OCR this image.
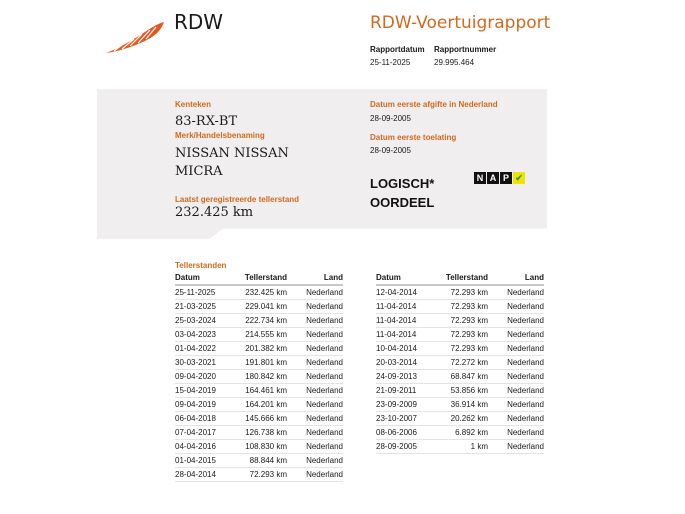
RDW	RDW-Voertuigrapport
Rapportdatum
25-11-2025
Rapportnummer
29.995.464
Kenteken
83-RX-BT
Merk/Handelsbenaming
NISSAN NISSAN
MICRA
Laatst geregistreerde tellerstand
232.425 km
Datum eerste afgifte in Nederland
28-09-2005
Datum eerste toelating
28-09-2005
LOGISCH*
OORDEEL
N A P ✔
Tellerstanden
Datum	Tellerstand	Land
25-11-2025	232.425 km	Nederland
21-03-2025	229.041 km	Nederland
25-03-2024	222.734 km	Nederland
03-04-2023	214.555 km	Nederland
01-04-2022	201.382 km	Nederland
30-03-2021	191.801 km	Nederland
09-04-2020	180.842 km	Nederland
15-04-2019	164.461 km	Nederland
09-04-2019	164.201 km	Nederland
06-04-2018	145.666 km	Nederland
07-04-2017	126.738 km	Nederland
04-04-2016	108.830 km	Nederland
01-04-2015	88.844 km	Nederland
28-04-2014	72.293 km	Nederland
Datum	Tellerstand	Land
12-04-2014	72.293 km	Nederland
11-04-2014	72.293 km	Nederland
11-04-2014	72.293 km	Nederland
11-04-2014	72.293 km	Nederland
10-04-2014	72.293 km	Nederland
20-03-2014	72.272 km	Nederland
24-09-2013	68.847 km	Nederland
21-09-2011	53.856 km	Nederland
23-09-2009	36.914 km	Nederland
23-10-2007	20.262 km	Nederland
08-06-2006	6.892 km	Nederland
28-09-2005	1 km	Nederland
